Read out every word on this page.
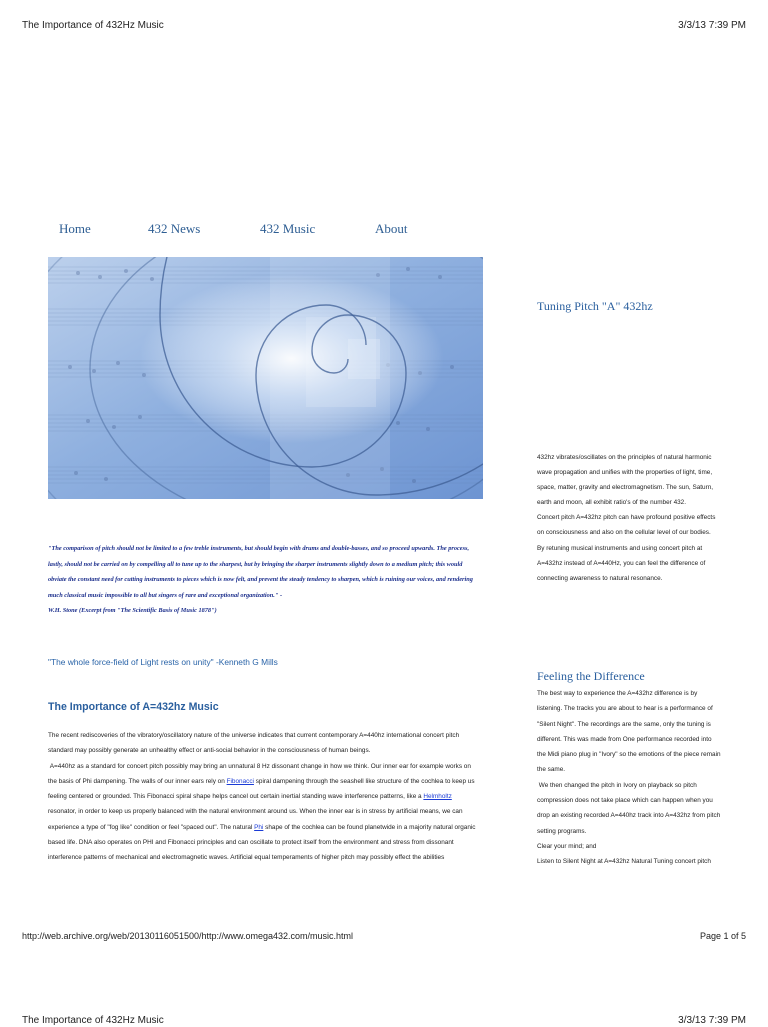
The Importance of 432Hz Music	3/3/13 7:39 PM
Home	432 News	432 Music	About
"The comparison of pitch should not be limited to a few treble instruments, but should begin with drums and double-basses, and so proceed upwards. The process, lastly, should not be carried on by compelling all to tune up to the sharpest, but by bringing the sharper instruments slightly down to a medium pitch; this would obviate the constant need for cutting instruments to pieces which is now felt, and prevent the steady tendency to sharpen, which is ruining our voices, and rendering much classical music impossible to all but singers of rare and exceptional organization." -
W.H. Stone (Excerpt from "The Scientific Basis of Music 1878")
"The whole force-field of Light rests on unity" -Kenneth G Mills
The Importance of A=432hz Music

The recent rediscoveries of the vibratory/oscillatory nature of the universe indicates that current contemporary A=440hz international concert pitch standard may possibly generate an unhealthy effect or anti-social behavior in the consciousness of human beings.

A=440hz as a standard for concert pitch possibly may bring an unnatural 8 Hz dissonant change in how we think. Our inner ear for example works on the basis of Phi dampening. The walls of our inner ears rely on Fibonacci spiral dampening through the seashell like structure of the cochlea to keep us feeling centered or grounded. This Fibonacci spiral shape helps cancel out certain inertial standing wave interference patterns, like a Helmholtz resonator, in order to keep us properly balanced with the natural environment around us. When the inner ear is in stress by artificial means, we can experience a type of "fog like" condition or feel "spaced out". The natural Phi shape of the cochlea can be found planetwide in a majority natural organic based life. DNA also operates on PHI and Fibonacci principles and can oscillate to protect itself from the environment and stress from dissonant interference patterns of mechanical and electromagnetic waves. Artificial equal temperaments of higher pitch may possibly effect the abilities

Tuning Pitch "A" 432hz

432hz vibrates/oscillates on the principles of natural harmonic wave propagation and unifies with the properties of light, time, space, matter, gravity and electromagnetism. The sun, Saturn, earth and moon, all exhibit ratio's of the number 432.

Concert pitch A=432hz pitch can have profound positive effects on consciousness and also on the cellular level of our bodies.

By retuning musical instruments and using concert pitch at A=432hz instead of A=440Hz, you can feel the difference of connecting awareness to natural resonance.

Feeling the Difference

The best way to experience the A=432hz difference is by listening. The tracks you are about to hear is a performance of "Silent Night". The recordings are the same, only the tuning is different. This was made from One performance recorded into the Midi piano plug in "Ivory" so the emotions of the piece remain the same.

We then changed the pitch in Ivory on playback so pitch compression does not take place which can happen when you drop an existing recorded A=440hz track into A=432hz from pitch setting programs.

Clear your mind; and

Listen to Silent Night at A=432hz Natural Tuning concert pitch

http://web.archive.org/web/20130116051500/http://www.omega432.com/music.html	Page 1 of 5
The Importance of 432Hz Music	3/3/13 7:39 PM
